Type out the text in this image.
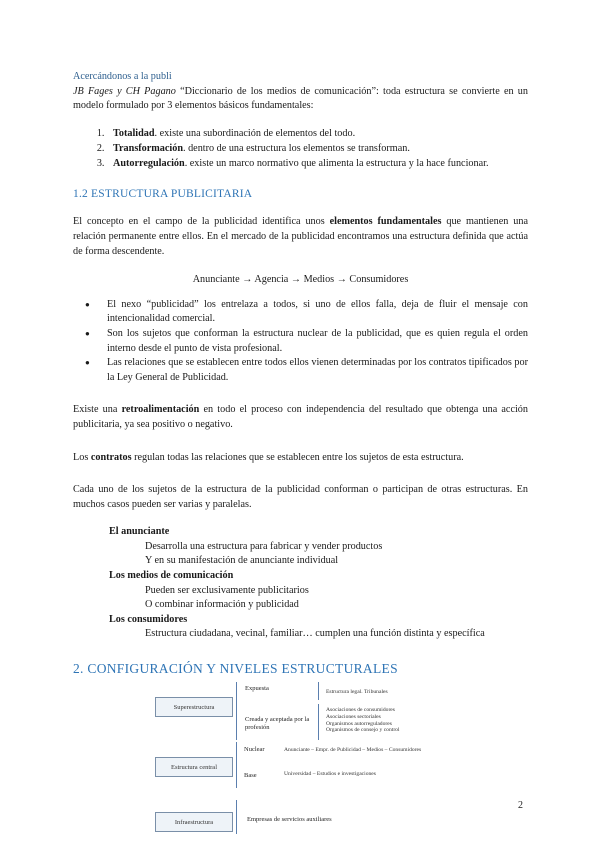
Acercándonos a la publi

JB Fages y CH Pagano “Diccionario de los medios de comunicación”: toda estructura se convierte en un modelo formulado por 3 elementos básicos fundamentales:

1. Totalidad. existe una subordinación de elementos del todo.
2. Transformación. dentro de una estructura los elementos se transforman.
3. Autorregulación. existe un marco normativo que alimenta la estructura y la hace funcionar.
1.2 ESTRUCTURA PUBLICITARIA

El concepto en el campo de la publicidad identifica unos elementos fundamentales que mantienen una relación permanente entre ellos. En el mercado de la publicidad encontramos una estructura definida que actúa de forma descendente.

Anunciante → Agencia → Medios → Consumidores

● El nexo “publicidad” los entrelaza a todos, si uno de ellos falla, deja de fluir el mensaje con intencionalidad comercial.
● Son los sujetos que conforman la estructura nuclear de la publicidad, que es quien regula el orden interno desde el punto de vista profesional.
● Las relaciones que se establecen entre todos ellos vienen determinadas por los contratos tipificados por la Ley General de Publicidad.

Existe una retroalimentación en todo el proceso con independencia del resultado que obtenga una acción publicitaria, ya sea positivo o negativo.

Los contratos regulan todas las relaciones que se establecen entre los sujetos de esta estructura.

Cada uno de los sujetos de la estructura de la publicidad conforman o participan de otras estructuras. En muchos casos pueden ser varias y paralelas.

El anunciante
Desarrolla una estructura para fabricar y vender productos
Y en su manifestación de anunciante individual
Los medios de comunicación
Pueden ser exclusivamente publicitarios
O combinar información y publicidad
Los consumidores
Estructura ciudadana, vecinal, familiar… cumplen una función distinta y específica
2. CONFIGURACIÓN Y NIVELES ESTRUCTURALES
Superestructura
Expuesta	Estructura legal. Tribunales
Creada y aceptada por la profesión
Asociaciones de consumidores
Asociaciones sectoriales
Organismos autorreguladores
Organismos de consejo y control
Estructura central
Nuclear	Anunciante – Empr. de Publicidad – Medios – Consumidores
Base	Universidad – Estudios e investigaciones
Infraestructura	Empresas de servicios auxiliares
2
